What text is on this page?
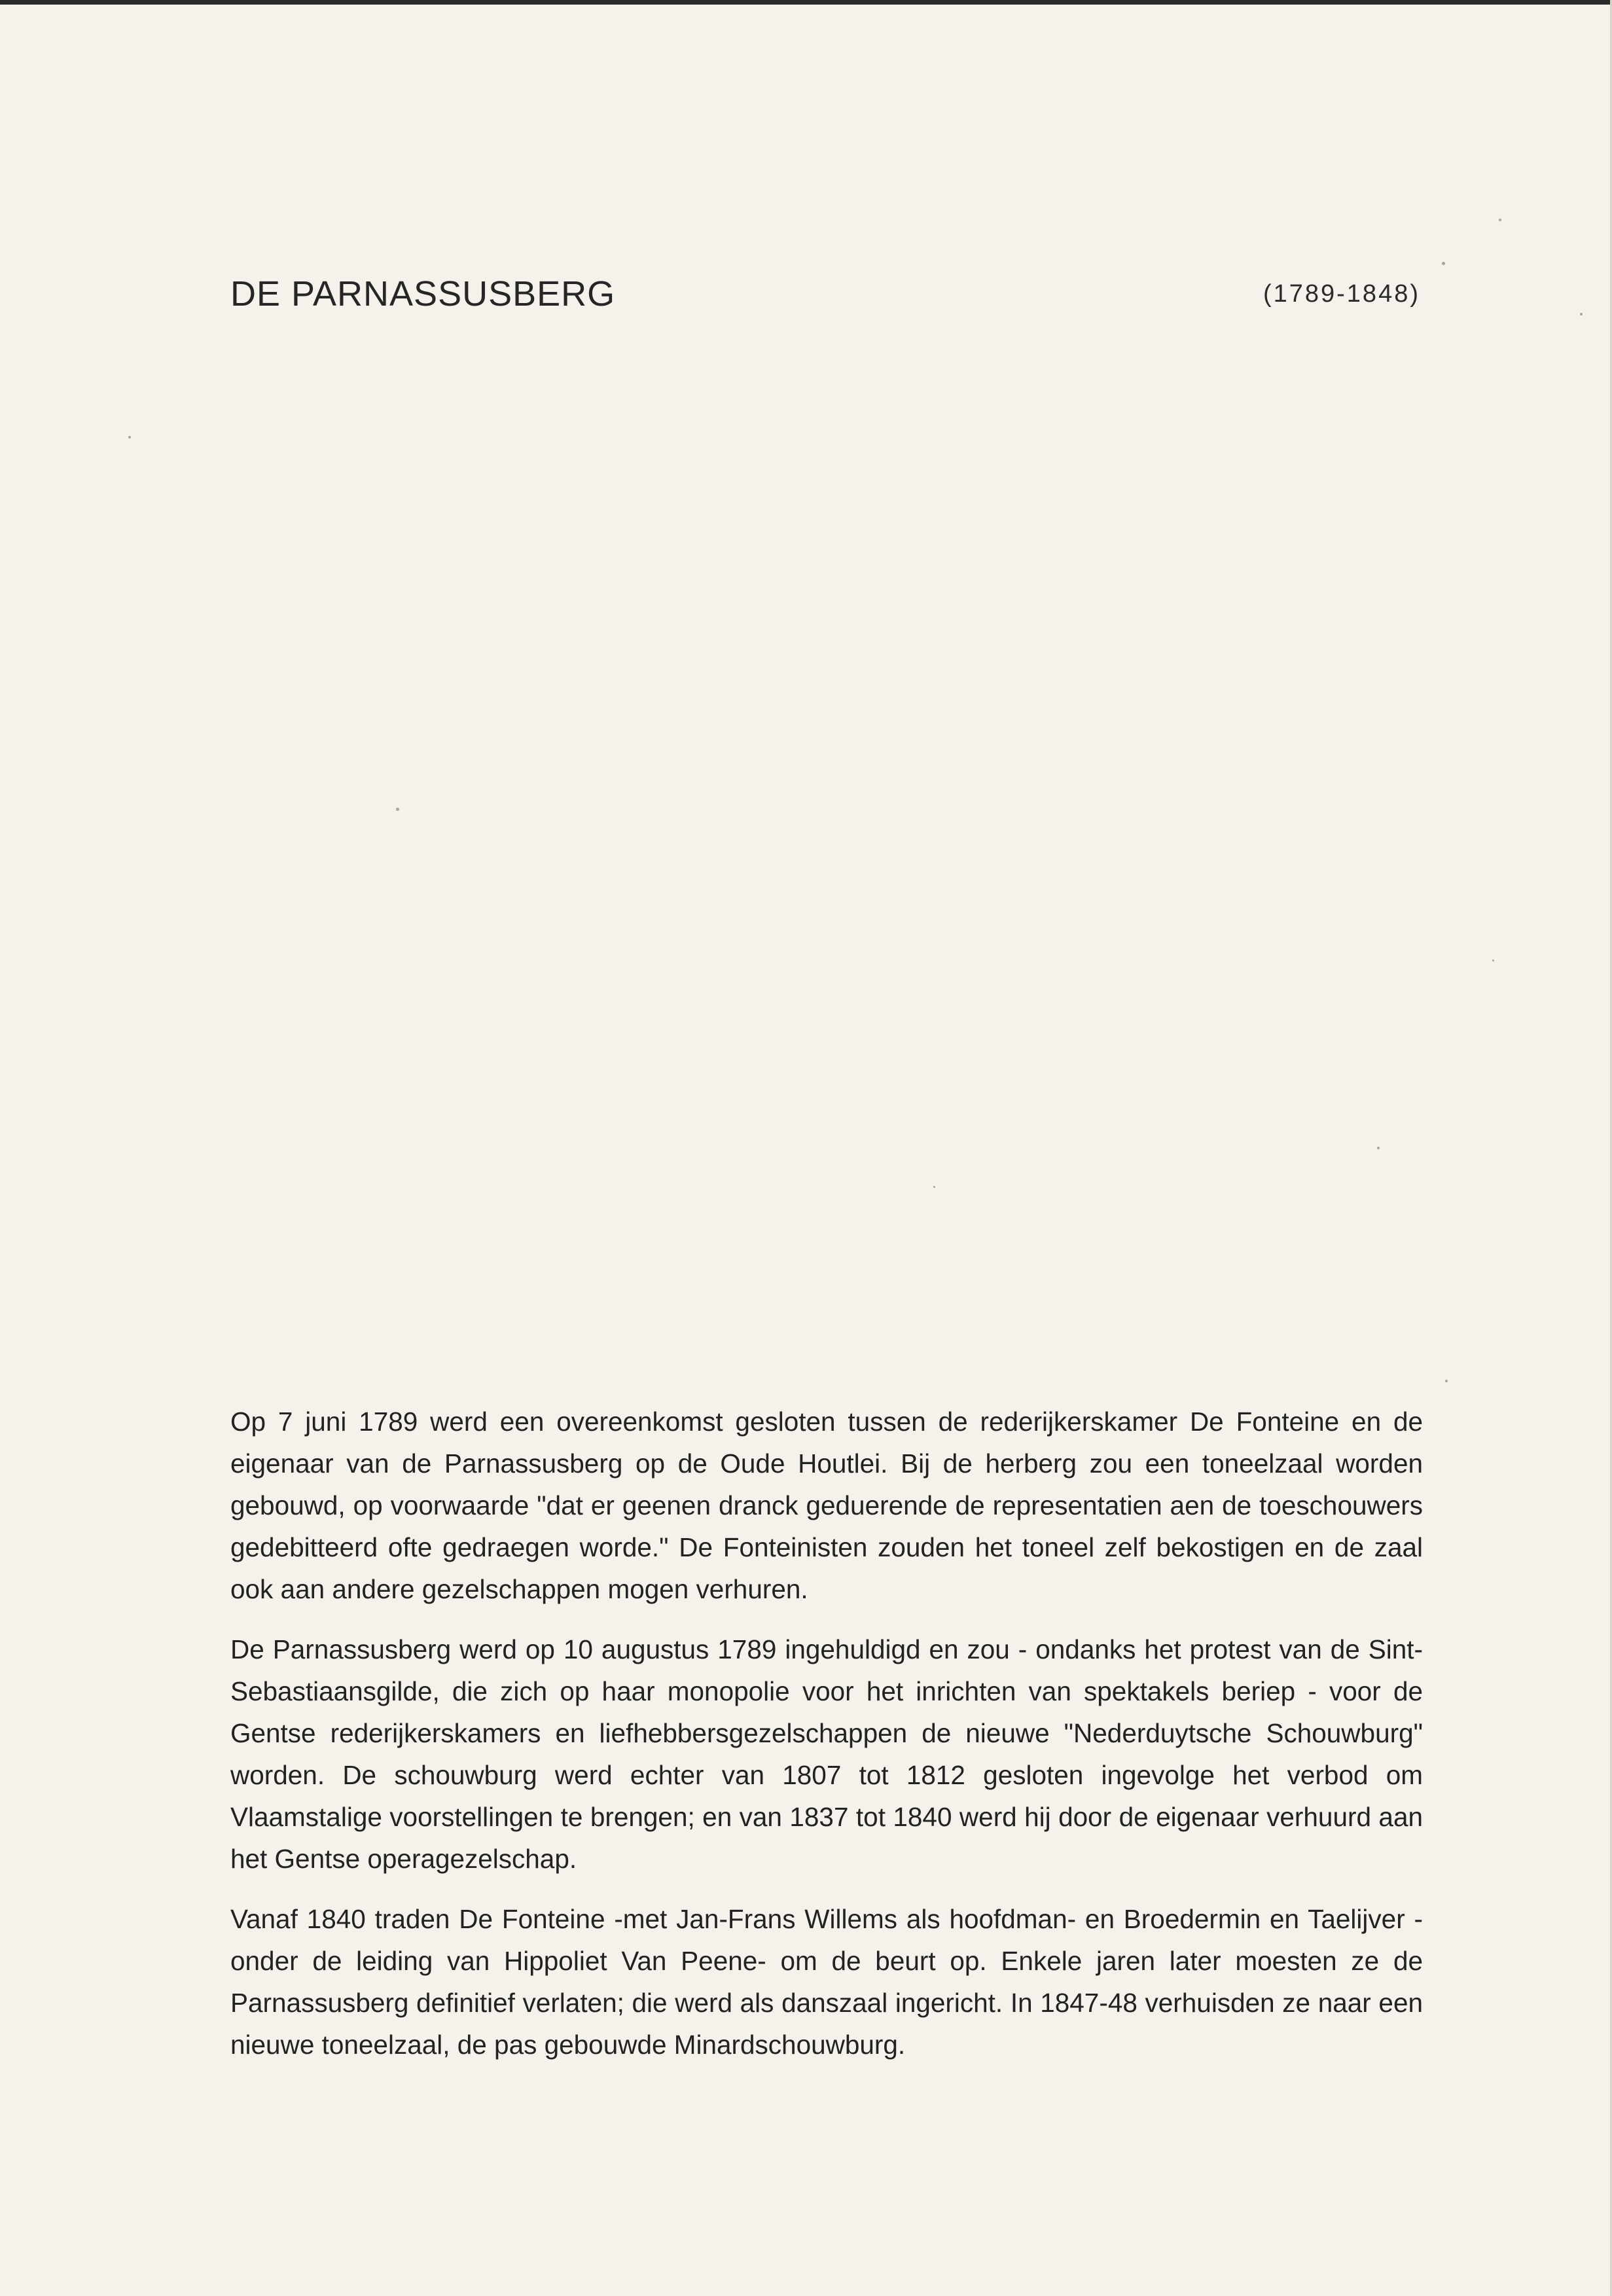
DE PARNASSUSBERG	(1789-1848)

Op 7 juni 1789 werd een overeenkomst gesloten tussen de rederijkerskamer De Fonteine en de eigenaar van de Parnassusberg op de Oude Houtlei. Bij de herberg zou een toneelzaal worden gebouwd, op voorwaarde "dat er geenen dranck geduerende de representatien aen de toeschouwers gedebitteerd ofte gedraegen worde." De Fonteinisten zouden het toneel zelf bekostigen en de zaal ook aan andere gezelschappen mogen verhuren.

De Parnassusberg werd op 10 augustus 1789 ingehuldigd en zou - ondanks het protest van de Sint-Sebastiaansgilde, die zich op haar monopolie voor het inrichten van spektakels beriep - voor de Gentse rederijkerskamers en liefhebbersgezelschappen de nieuwe "Nederduytsche Schouwburg" worden. De schouwburg werd echter van 1807 tot 1812 gesloten ingevolge het verbod om Vlaamstalige voorstellingen te brengen; en van 1837 tot 1840 werd hij door de eigenaar verhuurd aan het Gentse operagezelschap.

Vanaf 1840 traden De Fonteine -met Jan-Frans Willems als hoofdman- en Broedermin en Taelijver -onder de leiding van Hippoliet Van Peene- om de beurt op. Enkele jaren later moesten ze de Parnassusberg definitief verlaten; die werd als danszaal ingericht. In 1847-48 verhuisden ze naar een nieuwe toneelzaal, de pas gebouwde Minardschouwburg.
